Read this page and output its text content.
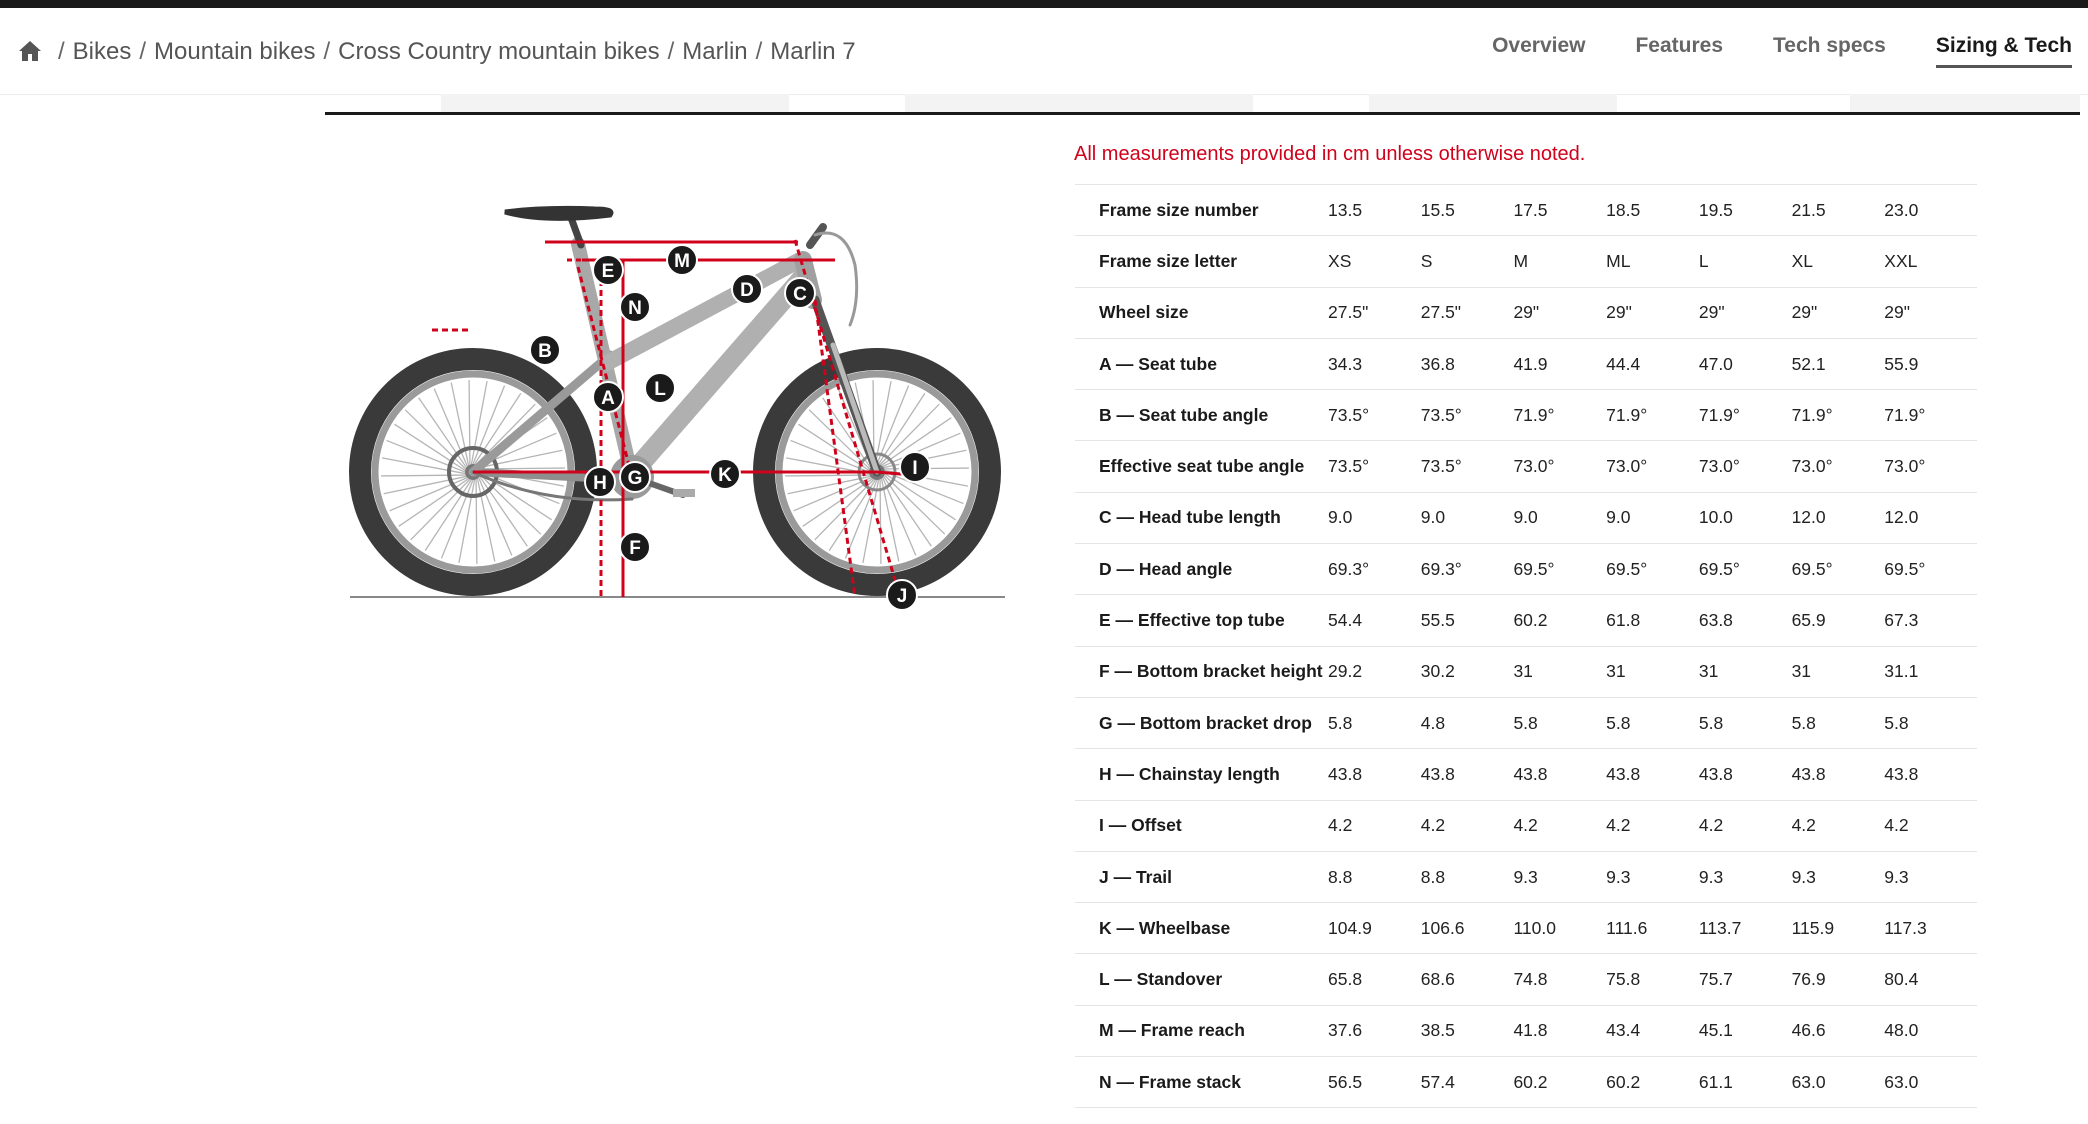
/ Bikes / Mountain bikes / Cross Country mountain bikes / Marlin / Marlin 7	Overview Features Tech specs Sizing & Tech
A
B
C
D
E
F
G
H
I
J
K
L
M
N
All measurements provided in cm unless otherwise noted.
Frame size number	13.5	15.5	17.5	18.5	19.5	21.5	23.0
Frame size letter	XS	S	M	ML	L	XL	XXL
Wheel size	27.5"	27.5"	29"	29"	29"	29"	29"
A — Seat tube	34.3	36.8	41.9	44.4	47.0	52.1	55.9
B — Seat tube angle	73.5°	73.5°	71.9°	71.9°	71.9°	71.9°	71.9°
Effective seat tube angle	73.5°	73.5°	73.0°	73.0°	73.0°	73.0°	73.0°
C — Head tube length	9.0	9.0	9.0	9.0	10.0	12.0	12.0
D — Head angle	69.3°	69.3°	69.5°	69.5°	69.5°	69.5°	69.5°
E — Effective top tube	54.4	55.5	60.2	61.8	63.8	65.9	67.3
F — Bottom bracket height	29.2	30.2	31	31	31	31	31.1
G — Bottom bracket drop	5.8	4.8	5.8	5.8	5.8	5.8	5.8
H — Chainstay length	43.8	43.8	43.8	43.8	43.8	43.8	43.8
I — Offset	4.2	4.2	4.2	4.2	4.2	4.2	4.2
J — Trail	8.8	8.8	9.3	9.3	9.3	9.3	9.3
K — Wheelbase	104.9	106.6	110.0	111.6	113.7	115.9	117.3
L — Standover	65.8	68.6	74.8	75.8	75.7	76.9	80.4
M — Frame reach	37.6	38.5	41.8	43.4	45.1	46.6	48.0
N — Frame stack	56.5	57.4	60.2	60.2	61.1	63.0	63.0
